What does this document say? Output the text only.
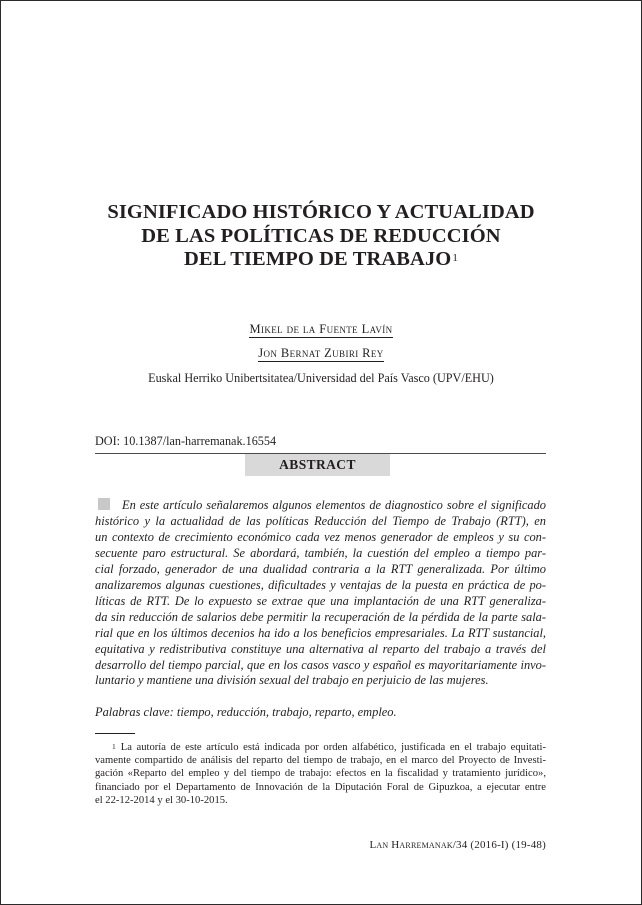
SIGNIFICADO HISTÓRICO Y ACTUALIDAD
DE LAS POLÍTICAS DE REDUCCIÓN
DEL TIEMPO DE TRABAJO$^1$
Mikel de la Fuente Lavín
Jon Bernat Zubiri Rey
Euskal Herriko Unibertsitatea/Universidad del País Vasco (UPV/EHU)
DOI: 10.1387/lan-harremanak.16554
ABSTRACT
En este artículo señalaremos algunos elementos de diagnostico sobre el significado
histórico y la actualidad de las políticas Reducción del Tiempo de Trabajo (RTT), en
un contexto de crecimiento económico cada vez menos generador de empleos y su con-
secuente paro estructural. Se abordará, también, la cuestión del empleo a tiempo par-
cial forzado, generador de una dualidad contraria a la RTT generalizada. Por último
analizaremos algunas cuestiones, dificultades y ventajas de la puesta en práctica de po-
líticas de RTT. De lo expuesto se extrae que una implantación de una RTT generaliza-
da sin reducción de salarios debe permitir la recuperación de la pérdida de la parte sala-
rial que en los últimos decenios ha ido a los beneficios empresariales. La RTT sustancial,
equitativa y redistributiva constituye una alternativa al reparto del trabajo a través del
desarrollo del tiempo parcial, que en los casos vasco y español es mayoritariamente invo-
luntario y mantiene una división sexual del trabajo en perjuicio de las mujeres.
Palabras clave: tiempo, reducción, trabajo, reparto, empleo.
$^1$ La autoría de este artículo está indicada por orden alfabético, justificada en el trabajo equitati-
vamente compartido de análisis del reparto del tiempo de trabajo, en el marco del Proyecto de Investi-
gación «Reparto del empleo y del tiempo de trabajo: efectos en la fiscalidad y tratamiento jurídico»,
financiado por el Departamento de Innovación de la Diputación Foral de Gipuzkoa, a ejecutar entre
el 22-12-2014 y el 30-10-2015.
Lan Harremanak/34 (2016-I) (19-48)
